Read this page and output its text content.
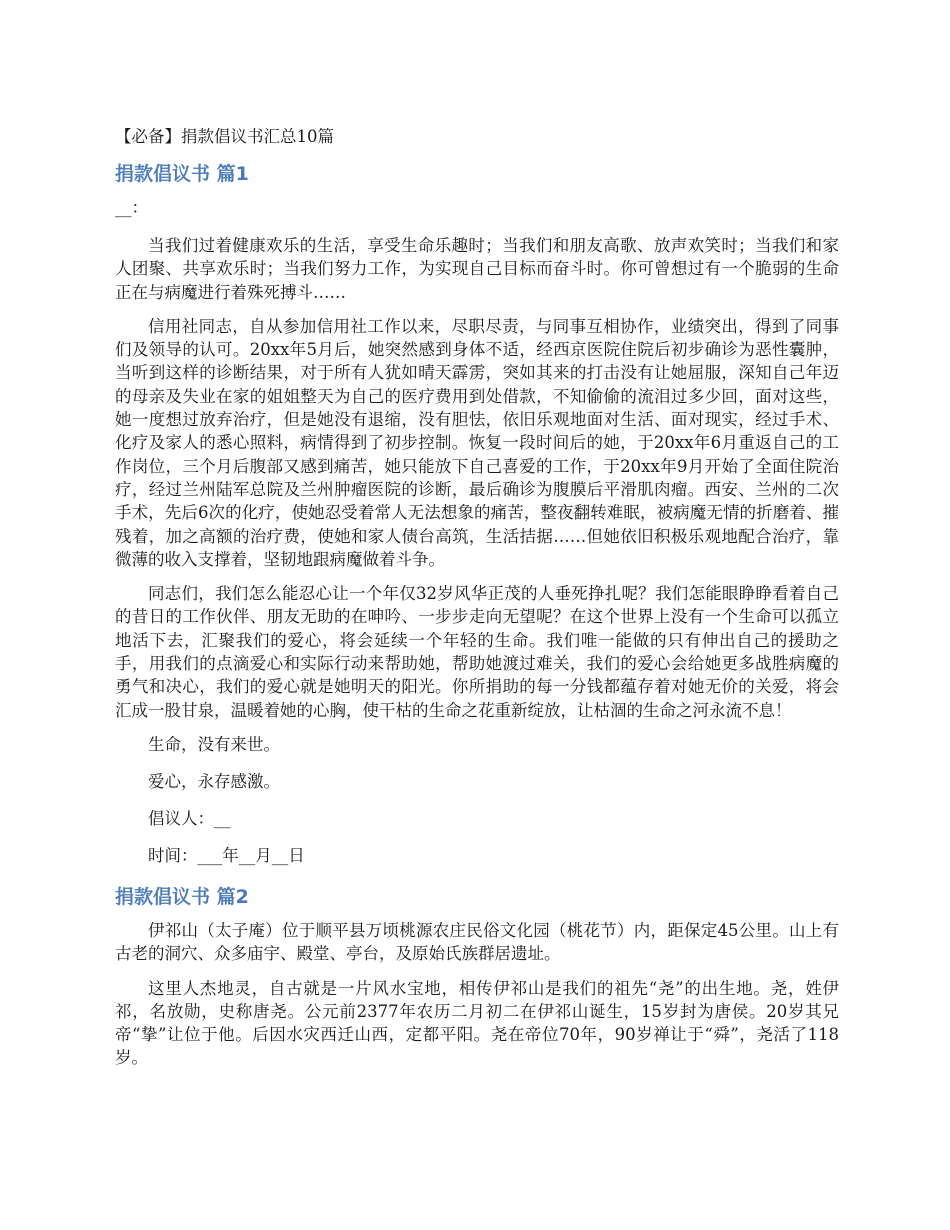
【必备】捐款倡议书汇总10篇
捐款倡议书 篇1
__：

当我们过着健康欢乐的生活，享受生命乐趣时；当我们和朋友高歌、放声欢笑时；当我们和家人团聚、共享欢乐时；当我们努力工作，为实现自己目标而奋斗时。你可曾想过有一个脆弱的生命正在与病魔进行着殊死搏斗……

信用社同志，自从参加信用社工作以来，尽职尽责，与同事互相协作，业绩突出，得到了同事们及领导的认可。20xx年5月后，她突然感到身体不适，经西京医院住院后初步确诊为恶性囊肿，当听到这样的诊断结果，对于所有人犹如晴天霹雳，突如其来的打击没有让她屈服，深知自己年迈的母亲及失业在家的姐姐整天为自己的医疗费用到处借款，不知偷偷的流泪过多少回，面对这些，她一度想过放弃治疗，但是她没有退缩，没有胆怯，依旧乐观地面对生活、面对现实，经过手术、化疗及家人的悉心照料，病情得到了初步控制。恢复一段时间后的她，于20xx年6月重返自己的工作岗位，三个月后腹部又感到痛苦，她只能放下自己喜爱的工作，于20xx年9月开始了全面住院治疗，经过兰州陆军总院及兰州肿瘤医院的诊断，最后确诊为腹膜后平滑肌肉瘤。西安、兰州的二次手术，先后6次的化疗，使她忍受着常人无法想象的痛苦，整夜翻转难眠，被病魔无情的折磨着、摧残着，加之高额的治疗费，使她和家人债台高筑，生活拮据……但她依旧积极乐观地配合治疗，靠微薄的收入支撑着，坚韧地跟病魔做着斗争。

同志们，我们怎么能忍心让一个年仅32岁风华正茂的人垂死挣扎呢？我们怎能眼睁睁看着自己的昔日的工作伙伴、朋友无助的在呻吟、一步步走向无望呢？在这个世界上没有一个生命可以孤立地活下去，汇聚我们的爱心，将会延续一个年轻的生命。我们唯一能做的只有伸出自己的援助之手，用我们的点滴爱心和实际行动来帮助她，帮助她渡过难关，我们的爱心会给她更多战胜病魔的勇气和决心，我们的爱心就是她明天的阳光。你所捐助的每一分钱都蕴存着对她无价的关爱，将会汇成一股甘泉，温暖着她的心胸，使干枯的生命之花重新绽放，让枯涸的生命之河永流不息！

生命，没有来世。

爱心，永存感激。

倡议人：__

时间：___年__月__日

捐款倡议书 篇2

伊祁山（太子庵）位于顺平县万顷桃源农庄民俗文化园（桃花节）内，距保定45公里。山上有古老的洞穴、众多庙宇、殿堂、亭台，及原始氏族群居遗址。

这里人杰地灵，自古就是一片风水宝地，相传伊祁山是我们的祖先“尧”的出生地。尧，姓伊祁，名放勋，史称唐尧。公元前2377年农历二月初二在伊祁山诞生，15岁封为唐侯。20岁其兄帝“挚”让位于他。后因水灾西迁山西，定都平阳。尧在帝位70年，90岁禅让于“舜”，尧活了118岁。
